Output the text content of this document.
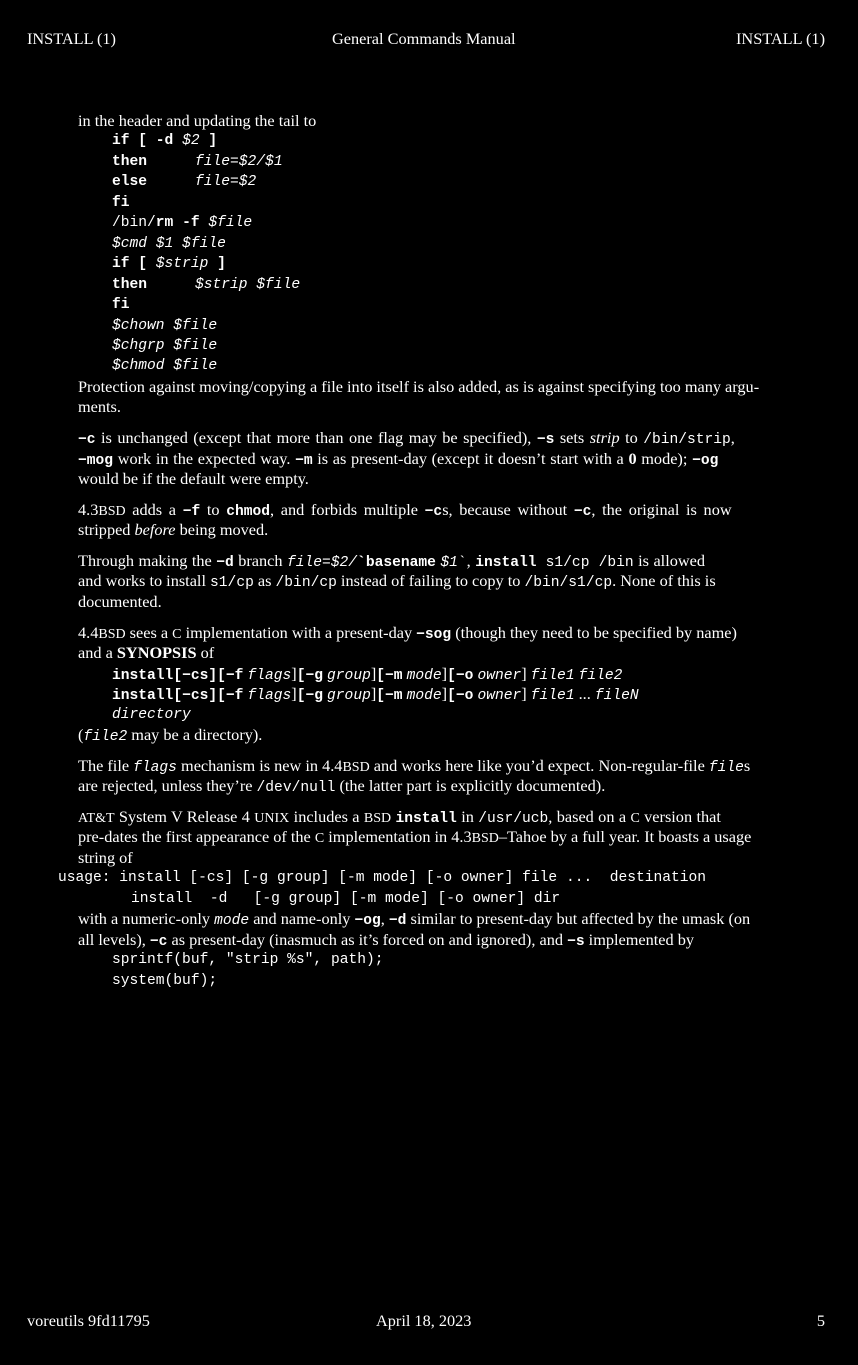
INSTALL (1)	General Commands Manual	INSTALL (1)
in the header and updating the tail to
if [ -d $2 ]
then	file=$2/$1
else	file=$2
fi
/bin/rm -f $file
$cmd $1 $file
if [ $strip ]
then	$strip $file
fi
$chown $file
$chgrp $file
$chmod $file
Protection against moving/copying a file into itself is also added, as is against specifying too many argu-
ments.
−c is unchanged (except that more than one flag may be specified), −s sets strip to /bin/strip,
−mog work in the expected way. −m is as present-day (except it doesn’t start with a 0 mode); −og
would be if the default were empty.
4.3BSD adds a −f to chmod, and forbids multiple −cs, because without −c, the original is now
stripped before being moved.
Through making the −d branch file=$2/`basename $1`, install s1/cp /bin is allowed
and works to install s1/cp as /bin/cp instead of failing to copy to /bin/s1/cp. None of this is
documented.
4.4BSD sees a C implementation with a present-day −sog (though they need to be specified by name)
and a SYNOPSIS of
install[−cs][−f flags][−g group][−m mode][−o owner] file1 file2
install[−cs][−f flags][−g group][−m mode][−o owner] file1 ... fileN
directory
(file2 may be a directory).
The file flags mechanism is new in 4.4BSD and works here like you’d expect. Non-regular-file files
are rejected, unless they’re /dev/null (the latter part is explicitly documented).
AT&T System V Release 4 UNIX includes a BSD install in /usr/ucb, based on a C version that
pre-dates the first appearance of the C implementation in 4.3BSD–Tahoe by a full year. It boasts a usage
string of
usage: install [-cs] [-g group] [-m mode] [-o owner] file ...  destination
install  -d   [-g group] [-m mode] [-o owner] dir
with a numeric-only mode and name-only −og, −d similar to present-day but affected by the umask (on
all levels), −c as present-day (inasmuch as it’s forced on and ignored), and −s implemented by
sprintf(buf, "strip %s", path);
system(buf);
voreutils 9fd11795	April 18, 2023	5
